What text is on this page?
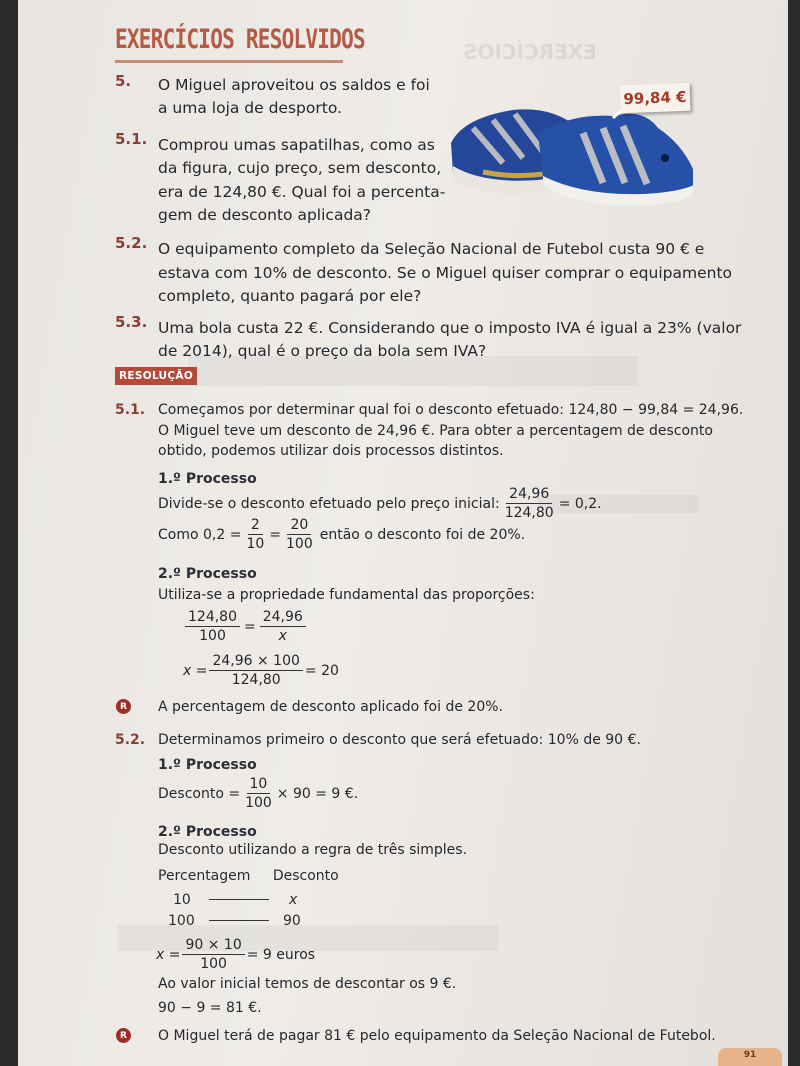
EXERCÍCIOS
EXERCÍCIOS RESOLVIDOS
5. O Miguel aproveitou os saldos e foi
a uma loja de desporto.
5.1. Comprou umas sapatilhas, como as
da figura, cujo preço, sem desconto,
era de 124,80 €. Qual foi a percenta-
gem de desconto aplicada?
99,84 €
5.2. O equipamento completo da Seleção Nacional de Futebol custa 90 € e
estava com 10% de desconto. Se o Miguel quiser comprar o equipamento
completo, quanto pagará por ele?
5.3. Uma bola custa 22 €. Considerando que o imposto IVA é igual a 23% (valor
de 2014), qual é o preço da bola sem IVA?
RESOLUÇÃO
5.1. Começamos por determinar qual foi o desconto efetuado: 124,80 − 99,84 = 24,96.
O Miguel teve um desconto de 24,96 €. Para obter a percentagem de desconto
obtido, podemos utilizar dois processos distintos.
1.º Processo
Divide-se o desconto efetuado pelo preço inicial: $\frac{24,96}{124,80} = 0,2$.
Como $0,2 = \frac{2}{10} = \frac{20}{100}$ então o desconto foi de 20%.
2.º Processo
Utiliza-se a propriedade fundamental das proporções:
$\frac{124,80}{100} = \frac{24,96}{x}$
$x = \frac{24,96 \times 100}{124,80} = 20$
R A percentagem de desconto aplicado foi de 20%.
5.2. Determinamos primeiro o desconto que será efetuado: 10% de 90 €.
1.º Processo
Desconto = $\frac{10}{100} \times 90 = 9$ €.
2.º Processo
Desconto utilizando a regra de três simples.
Percentagem Desconto
10	x
100	90
$x = \frac{90 \times 10}{100} = 9$ euros
Ao valor inicial temos de descontar os 9 €.
90 − 9 = 81 €.
R O Miguel terá de pagar 81 € pelo equipamento da Seleção Nacional de Futebol.
91
